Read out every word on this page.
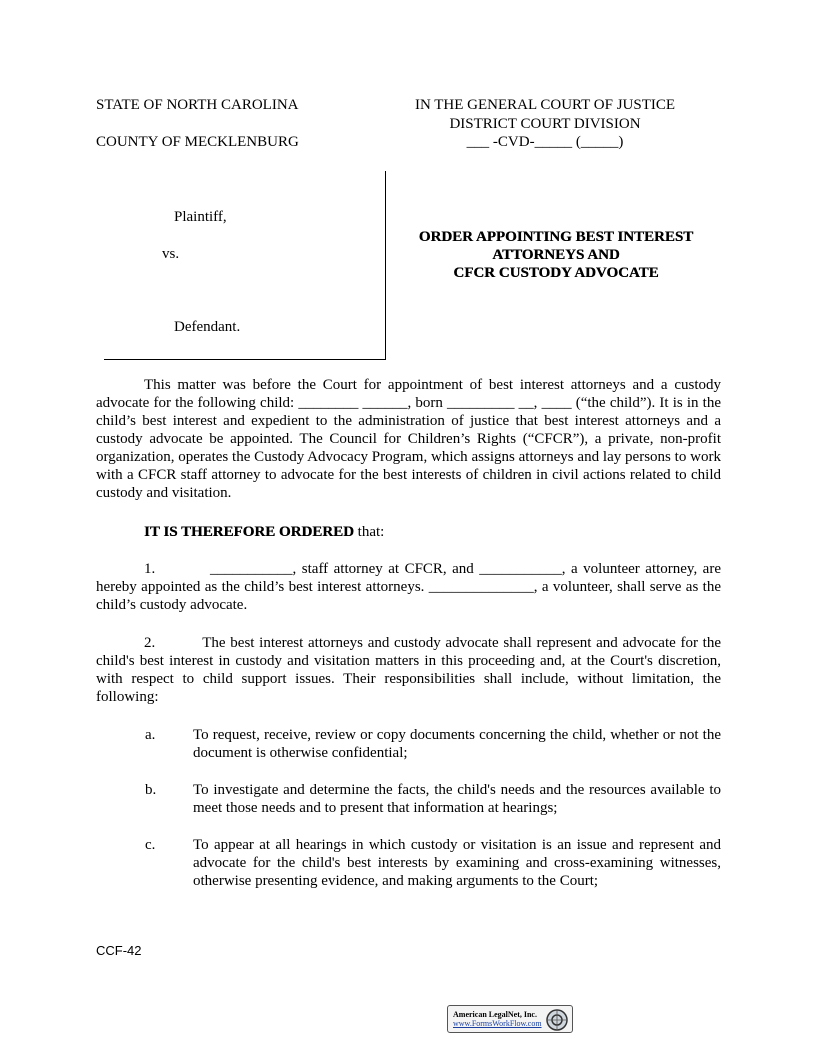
STATE OF NORTH CAROLINA
COUNTY OF MECKLENBURG
IN THE GENERAL COURT OF JUSTICE
DISTRICT COURT DIVISION
___ -CVD-_____ (_____)
Plaintiff,
vs.
Defendant.
ORDER APPOINTING BEST INTEREST
ATTORNEYS AND
CFCR CUSTODY ADVOCATE
This matter was before the Court for appointment of best interest attorneys and a custody advocate for the following child: ________ ______, born _________ __, ____ (“the child”). It is in the child’s best interest and expedient to the administration of justice that best interest attorneys and a custody advocate be appointed. The Council for Children’s Rights (“CFCR”), a private, non-profit organization, operates the Custody Advocacy Program, which assigns attorneys and lay persons to work with a CFCR staff attorney to advocate for the best interests of children in civil actions related to child custody and visitation.
IT IS THEREFORE ORDERED that:
1.          ___________, staff attorney at CFCR, and ___________, a volunteer attorney, are hereby appointed as the child’s best interest attorneys. ______________, a volunteer, shall serve as the child’s custody advocate.
2.          The best interest attorneys and custody advocate shall represent and advocate for the child's best interest in custody and visitation matters in this proceeding and, at the Court's discretion, with respect to child support issues. Their responsibilities shall include, without limitation, the following:
a.	To request, receive, review or copy documents concerning the child, whether or not the document is otherwise confidential;
b. To investigate and determine the facts, the child's needs and the resources available to meet those needs and to present that information at hearings;
c.	To appear at all hearings in which custody or visitation is an issue and represent and advocate for the child's best interests by examining and cross-examining witnesses, otherwise presenting evidence, and making arguments to the Court;
CCF-42
American LegalNet, Inc.
www.FormsWorkFlow.com
